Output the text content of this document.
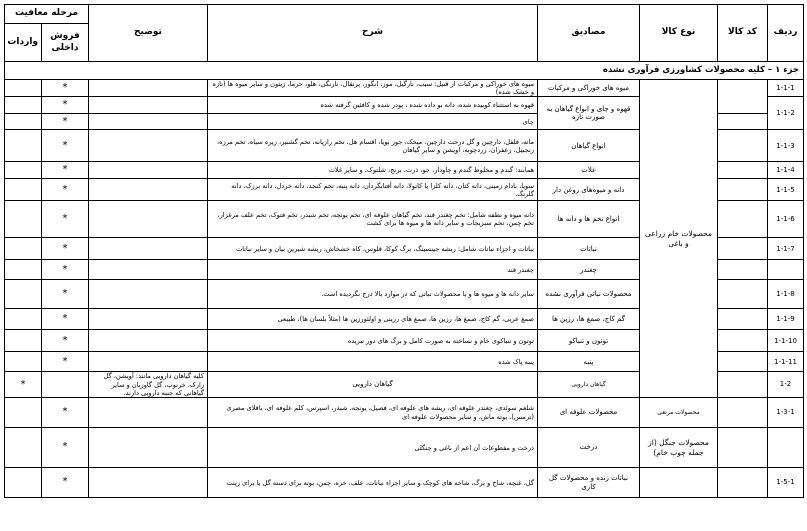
ردیف	کد کالا	نوع کالا	مصادیق	شرح	توضیح	مرحله معافیت		
						فروش داخلی	واردات	
جزء ۱ – کلیه محصولات کشاورزی فرآوری نشده								
1-1-1		محصولات خام زراعی و باغی	میوه های خوراکی و مرکبات	میوه های خوراکی و مرکبات از قبیل: سیب، نارگیل، موز، انگور، پرتقال، نارنگی، هلو، خرما، زیتون و سایر میوه ها (تازه و خشک شده)		*		
1-1-2			قهوه و چای و انواع گیاهان به صورت تازه	قهوه به استثناء کوبیده شده، دانه بو داده شده ، پودر شده و کافئین گرفته شده		*		
				چای		*		
1-1-3			انواع گیاهان	ماته، فلفل، دارچین و گل درخت دارچین، میخک، جوز بویا، اقسام هل، تخم رازیانه، تخم گشنیز، زیره سیاه، تخم مرزه، زنجبیل، زعفران، زردچوبه، اویشن و سایر گیاهان		*		
1-1-4			غلات	همانند: گندم و مخلوط گندم و چاودار، جو، ذرت، برنج، شلتوک، و سایر غلات		*		
1-1-5			دانه و میوه‌های روغن دار	سویا، بادام زمینی، دانه کتان، دانه کلزا یا کانولا، دانه آفتابگردان، دانه پنبه، تخم کنجد، دانه خردل، دانه برزک، دانه گلرنگ.		*		
1-1-6			انواع تخم ها و دانه ها	دانه میوه و نطفه شامل: تخم چغندر قند، تخم گیاهان علوفه ای، تخم یونجه، تخم شبدر، تخم فتوک، تخم علف مرغزار، تخم چمن، تخم سبزیجات و سایر دانه ها و میوه ها برای کشت		*		
1-1-7			نباتات	نباتات و اجزاء نباتات شامل: ریشه جینسینگ، برگ کوکا، قلوس، کاه خشخاش، ریشه شیرین بیان و سایر نباتات		*		
			چغندر	چغندر قند		*		
1-1-8			محصولات نباتی فرآوری نشده	سایر دانه ها و میوه ها و یا محصولات نباتی که در موارد بالا درج نگردیده است.		*		
1-1-9			گم کاج، صمغ ها، رزین ها	صمغ عربی، گم کاج، صمغ ها، رزین ها، صمغ های رزینی و اولئورزین ها (مثلاً بلسان ها)، طبیعی		*		
1-1-10			توتون و تنباکو	توتون و تنباکوی خام و نساخته به صورت کامل و برگ های دور نبریده		*		
1-1-11			پنبه	پنبه پاک شده		*		
1-2			گیاهان دارویی	گیاهان دارویی	کلیه گیاهان دارویی مانند: آویشن، گل زارک، خرنوب، گل گاوزبان و سایر گیاهانی که جنبه دارویی دارند.		*	
1-3-1		محصولات مرتعی	محصولات علوفه ای	شلغم سوئدی، چغندر علوفه ای، ریشه های علوفه ای، فصیل، یونجه، شبدر، اسپرس، کلم علوفه ای، باقلای مصری (ترمس)، بوته ماش، و سایر محصولات علوفه ای		*		
		محصولات جنگل (از جمله چوب خام)	درخت	درخت و مقطوعات آن اعم از باغی و جنگلی		*		
1-5-1			نباتات زنده و محصولات گل کاری	گل، غنچه، شاخ و برگ، شاخه های کوچک و سایر اجزاء نباتات، علف، خزه، چمن، بوته برای دسته گل یا برای زینت		*		
